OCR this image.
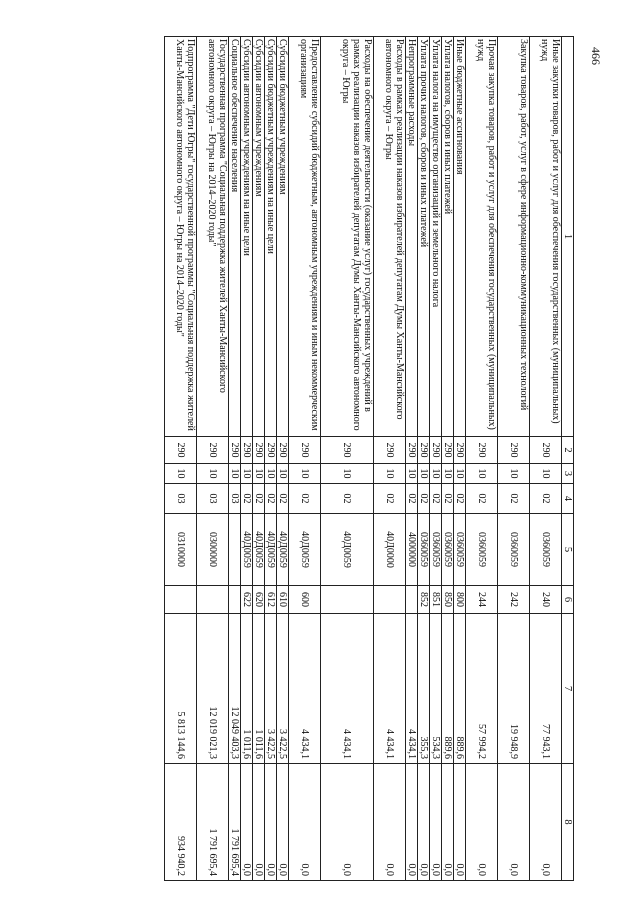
466
1	2	3	4	5	6	7	8
Иные закупки товаров, работ и услуг для обеспечения государственных (муниципальных) нужд	290	10	02	0360059	240	77 943,1	0,0
Закупка товаров, работ, услуг в сфере информационно-коммуникационных технологий	290	10	02	0360059	242	19 948,9	0,0
Прочая закупка товаров, работ и услуг для обеспечения государственных (муниципальных) нужд	290	10	02	0360059	244	57 994,2	0,0
Иные бюджетные ассигнования	290	10	02	0360059	800	889,6	0,0
Уплата налогов, сборов и иных платежей	290	10	02	0360059	850	889,6	0,0
Уплата налога на имущество организаций и земельного налога	290	10	02	0360059	851	534,3	0,0
Уплата прочих налогов, сборов и иных платежей	290	10	02	0360059	852	355,3	0,0
Непрограммные расходы	290	10	02	4000000		4 434,1	0,0
Расходы в рамках реализации наказов избирателей депутатам Думы Ханты-Мансийского автономного округа – Югры	290	10	02	40Д0000		4 434,1	0,0
Расходы на обеспечение деятельности (оказание услуг) государственных учреждений в рамках реализации наказов избирателей депутатам Думы Ханты-Мансийского автономного округа – Югры	290	10	02	40Д0059		4 434,1	0,0
Предоставление субсидий бюджетным, автономным учреждениям и иным некоммерческим организациям	290	10	02	40Д0059	600	4 434,1	0,0
Субсидии бюджетным учреждениям	290	10	02	40Д0059	610	3 422,5	0,0
Субсидии бюджетным учреждениям на иные цели	290	10	02	40Д0059	612	3 422,5	0,0
Субсидии автономным учреждениям	290	10	02	40Д0059	620	1 011,6	0,0
Субсидии автономным учреждениям на иные цели	290	10	02	40Д0059	622	1 011,6	0,0
Социальное обеспечение населения	290	10	03			12 049 403,3	1 791 695,4
Государственная программа "Социальная поддержка жителей Ханты-Мансийского автономного округа – Югры на 2014–2020 годы"	290	10	03	0300000		12 019 021,3	1 791 695,4
Подпрограмма "Дети Югры" государственной программы "Социальная поддержка жителей Ханты-Мансийского автономного округа – Югры на 2014–2020 годы"	290	10	03	0310000		5 813 144,6	934 940,2
